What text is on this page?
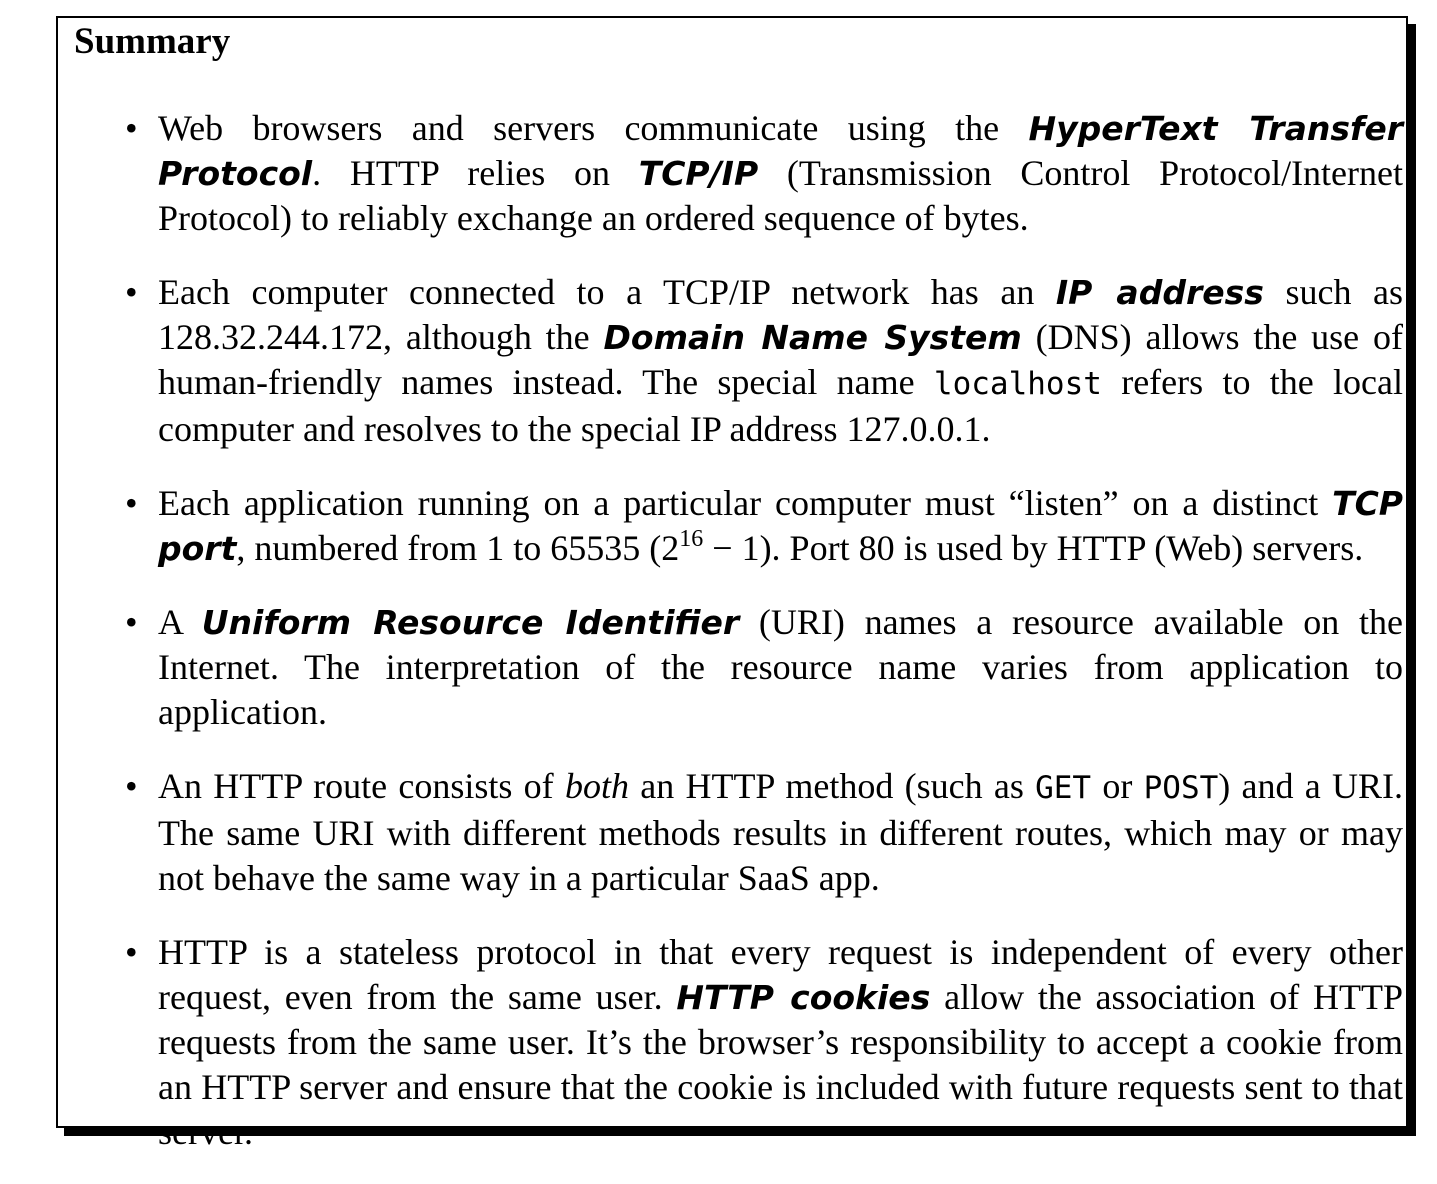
Summary
• Web browsers and servers communicate using the HyperText Transfer Protocol. HTTP relies on TCP/IP (Transmission Control Protocol/Internet Protocol) to reliably exchange an ordered sequence of bytes.
• Each computer connected to a TCP/IP network has an IP address such as 128.32.244.172, although the Domain Name System (DNS) allows the use of human-friendly names instead. The special name localhost refers to the local computer and resolves to the special IP address 127.0.0.1.
• Each application running on a particular computer must “listen” on a distinct TCP port, numbered from 1 to 65535 $(2^{16} - 1)$. Port 80 is used by HTTP (Web) servers.
• A Uniform Resource Identifier (URI) names a resource available on the Internet. The interpretation of the resource name varies from application to application.
• An HTTP route consists of both an HTTP method (such as GET or POST) and a URI. The same URI with different methods results in different routes, which may or may not behave the same way in a particular SaaS app.
• HTTP is a stateless protocol in that every request is independent of every other request, even from the same user. HTTP cookies allow the association of HTTP requests from the same user. It’s the browser’s responsibility to accept a cookie from an HTTP server and ensure that the cookie is included with future requests sent to that server.
